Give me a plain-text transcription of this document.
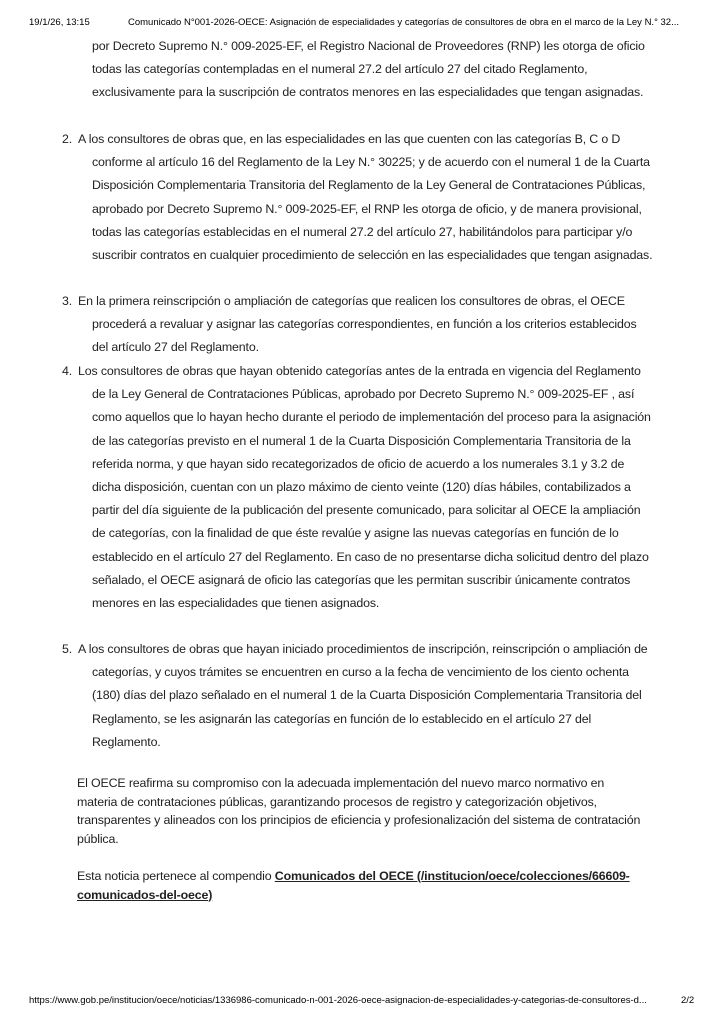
19/1/26, 13:15	Comunicado N°001-2026-OECE: Asignación de especialidades y categorías de consultores de obra en el marco de la Ley N.° 32...
por Decreto Supremo N.° 009-2025-EF, el Registro Nacional de Proveedores (RNP) les otorga de oficio todas las categorías contempladas en el numeral 27.2 del artículo 27 del citado Reglamento, exclusivamente para la suscripción de contratos menores en las especialidades que tengan asignadas.
2. A los consultores de obras que, en las especialidades en las que cuenten con las categorías B, C o D conforme al artículo 16 del Reglamento de la Ley N.° 30225; y de acuerdo con el numeral 1 de la Cuarta Disposición Complementaria Transitoria del Reglamento de la Ley General de Contrataciones Públicas, aprobado por Decreto Supremo N.° 009-2025-EF, el RNP les otorga de oficio, y de manera provisional, todas las categorías establecidas en el numeral 27.2 del artículo 27, habilitándolos para participar y/o suscribir contratos en cualquier procedimiento de selección en las especialidades que tengan asignadas.
3. En la primera reinscripción o ampliación de categorías que realicen los consultores de obras, el OECE procederá a revaluar y asignar las categorías correspondientes, en función a los criterios establecidos del artículo 27 del Reglamento.
4. Los consultores de obras que hayan obtenido categorías antes de la entrada en vigencia del Reglamento de la Ley General de Contrataciones Públicas, aprobado por Decreto Supremo N.° 009-2025-EF , así como aquellos que lo hayan hecho durante el periodo de implementación del proceso para la asignación de las categorías previsto en el numeral 1 de la Cuarta Disposición Complementaria Transitoria de la referida norma, y que hayan sido recategorizados de oficio de acuerdo a los numerales 3.1 y 3.2 de dicha disposición, cuentan con un plazo máximo de ciento veinte (120) días hábiles, contabilizados a partir del día siguiente de la publicación del presente comunicado, para solicitar al OECE la ampliación de categorías, con la finalidad de que éste revalúe y asigne las nuevas categorías en función de lo establecido en el artículo 27 del Reglamento. En caso de no presentarse dicha solicitud dentro del plazo señalado, el OECE asignará de oficio las categorías que les permitan suscribir únicamente contratos menores en las especialidades que tienen asignados.
5. A los consultores de obras que hayan iniciado procedimientos de inscripción, reinscripción o ampliación de categorías, y cuyos trámites se encuentren en curso a la fecha de vencimiento de los ciento ochenta (180) días del plazo señalado en el numeral 1 de la Cuarta Disposición Complementaria Transitoria del Reglamento, se les asignarán las categorías en función de lo establecido en el artículo 27 del Reglamento.
El OECE reafirma su compromiso con la adecuada implementación del nuevo marco normativo en materia de contrataciones públicas, garantizando procesos de registro y categorización objetivos, transparentes y alineados con los principios de eficiencia y profesionalización del sistema de contratación pública.
Esta noticia pertenece al compendio Comunicados del OECE (/institucion/oece/colecciones/66609-comunicados-del-oece)
https://www.gob.pe/institucion/oece/noticias/1336986-comunicado-n-001-2026-oece-asignacion-de-especialidades-y-categorias-de-consultores-d...	2/2
